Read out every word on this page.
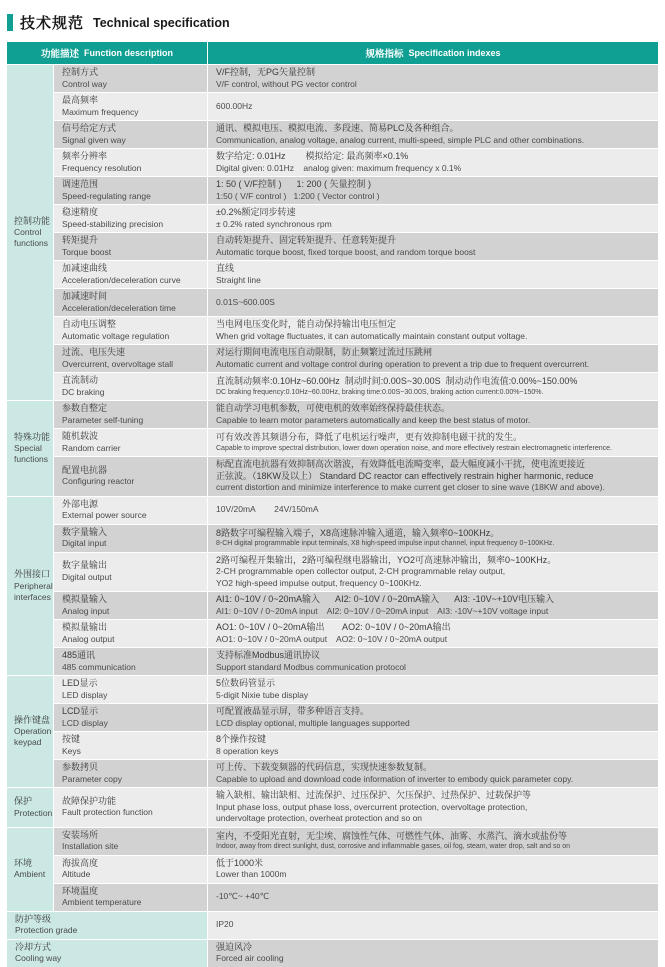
技术规范 Technical specification
功能描述 Function description	规格指标 Specification indexes
控制功能
Control functions
控制方式
Control way
V/F控制，无PG矢量控制
V/F control, without PG vector control
最高频率
Maximum frequency
600.00Hz
信号给定方式
Signal given way
通讯、模拟电压、模拟电流、多段速、简易PLC及各种组合。
Communication, analog voltage, analog current, multi-speed, simple PLC and other combinations.
频率分辨率
Frequency resolution
数字给定: 0.01Hz        模拟给定: 最高频率×0.1%
Digital given: 0.01Hz    analog given: maximum frequency x 0.1%
调速范围
Speed-regulating range
1: 50 ( V/F控制 )      1: 200 ( 矢量控制 )
1:50 ( V/F control )   1:200 ( Vector control )
稳速精度
Speed-stabilizing precision
±0.2%额定同步转速
± 0.2% rated synchronous rpm
转矩提升
Torque boost
自动转矩提升、固定转矩提升、任意转矩提升
Automatic torque boost, fixed torque boost, and random torque boost
加减速曲线
Acceleration/deceleration curve
直线
Straight line
加减速时间
Acceleration/deceleration time
0.01S~600.00S
自动电压调整
Automatic voltage regulation
当电网电压变化时，能自动保持输出电压恒定
When grid voltage fluctuates, it can automatically maintain constant output voltage.
过流、电压失速
Overcurrent, overvoltage stall
对运行期间电流电压自动限制，防止频繁过流过压跳闸
Automatic current and voltage control during operation to prevent a trip due to frequent overcurrent.
直流制动
DC braking
直流制动频率:0.10Hz~60.00Hz  制动时间:0.00S~30.00S  制动动作电流值:0.00%~150.00%
DC braking frequency:0.10Hz~60.00Hz, braking time:0.00S~30.00S, braking action current:0.00%~150%.
特殊功能
Special functions
参数自整定
Parameter self-tuning
能自动学习电机参数，可使电机的效率始终保持最佳状态。
Capable to learn motor parameters automatically and keep the best status of motor.
随机载波
Random carrier
可有效改善其频谱分布，降低了电机运行噪声，更有效抑制电磁干扰的发生。
Capable to improve spectral distribution, lower down operation noise, and more effectively restrain electromagnetic interference.
配置电抗器
Configuring reactor
标配直流电抗器有效抑制高次谐波，有效降低电流畸变率，最大幅度减小干扰，使电流更接近
正弦波。（18KW及以上） Standard DC reactor can effectively restrain higher harmonic, reduce
current distortion and minimize interference to make current get closer to sine wave (18KW and above).
外围接口
Peripheral interfaces
外部电源
External power source
10V/20mA        24V/150mA
数字量输入
Digital input
8路数字可编程输入端子，X8高速脉冲输入通道，输入频率0~100KHz。
8-CH digital programmable input terminals, X8 high-speed impulse input channel, input frequency 0~100KHz.
数字量输出
Digital output
2路可编程开集输出，2路可编程继电器输出，YO2可高速脉冲输出，频率0~100KHz。
2-CH programmable open collector output, 2-CH programmable relay output,
YO2 high-speed impulse output, frequency 0~100KHz.
模拟量输入
Analog input
AI1: 0~10V / 0~20mA输入      AI2: 0~10V / 0~20mA输入      AI3: -10V~+10V电压输入
AI1: 0~10V / 0~20mA input    AI2: 0~10V / 0~20mA input    AI3: -10V~+10V voltage input
模拟量输出
Analog output
AO1: 0~10V / 0~20mA输出       AO2: 0~10V / 0~20mA输出
AO1: 0~10V / 0~20mA output    AO2: 0~10V / 0~20mA output
485通讯
485 communication
支持标准Modbus通讯协议
Support standard Modbus communication protocol
操作键盘
Operation keypad
LED显示
LED display
5位数码管显示
5-digit Nixie tube display
LCD显示
LCD display
可配置液晶显示屏，带多种语言支持。
LCD display optional, multiple languages supported
按键
Keys
8个操作按键
8 operation keys
参数拷贝
Parameter copy
可上传、下载变频器的代码信息，实现快速参数复制。
Capable to upload and download code information of inverter to embody quick parameter copy.
保护
Protection
故障保护功能
Fault protection function
输入缺相、输出缺相、过流保护、过压保护、欠压保护、过热保护、过载保护等
Input phase loss, output phase loss, overcurrent protection, overvoltage protection,
undervoltage protection, overheat protection and so on
环境
Ambient
安装场所
Installation site
室内，不受阳光直射，无尘埃、腐蚀性气体、可燃性气体、油雾、水蒸汽、滴水或盐份等
Indoor, away from direct sunlight, dust, corrosive and inflammable gases, oil fog, steam, water drop, salt and so on
海拔高度
Altitude
低于1000米
Lower than 1000m
环境温度
Ambient temperature
-10℃~ +40℃
防护等级
Protection grade
IP20
冷却方式
Cooling way
强迫风冷
Forced air cooling
